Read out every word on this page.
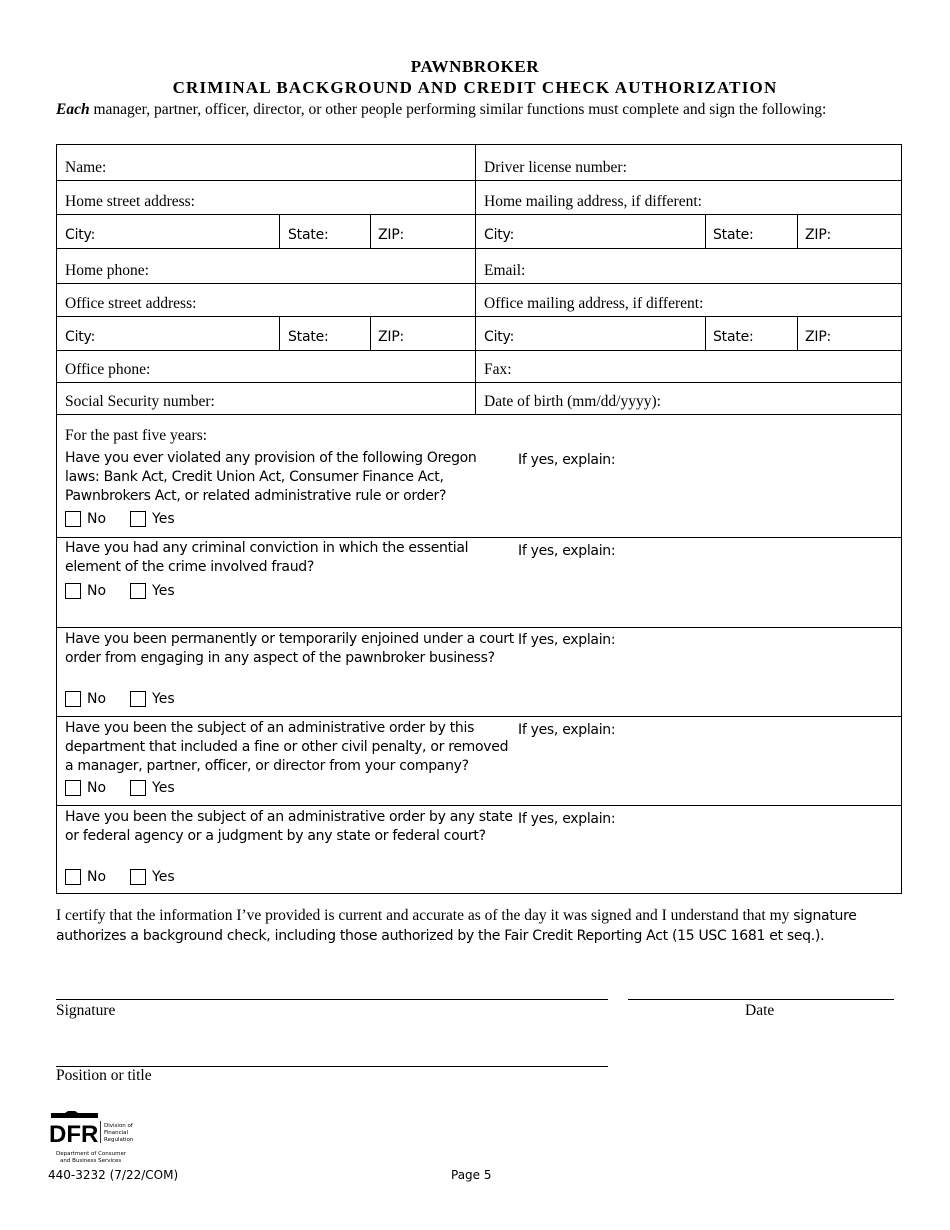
PAWNBROKER
CRIMINAL BACKGROUND AND CREDIT CHECK AUTHORIZATION
Each manager, partner, officer, director, or other people performing similar functions must complete and sign the following:
Name:	Driver license number:
Home street address:	Home mailing address, if different:
City:	State:	ZIP:	City:	State:	ZIP:
Home phone:	Email:
Office street address:	Office mailing address, if different:
City:	State:	ZIP:	City:	State:	ZIP:
Office phone:	Fax:
Social Security number:	Date of birth (mm/dd/yyyy):
For the past five years:
Have you ever violated any provision of the following Oregon laws: Bank Act, Credit Union Act, Consumer Finance Act, Pawnbrokers Act, or related administrative rule or order?
If yes, explain:
No	Yes
Have you had any criminal conviction in which the essential element of the crime involved fraud?
If yes, explain:
No	Yes
Have you been permanently or temporarily enjoined under a court order from engaging in any aspect of the pawnbroker business?
If yes, explain:
No	Yes
Have you been the subject of an administrative order by this department that included a fine or other civil penalty, or removed a manager, partner, officer, or director from your company?
If yes, explain:
No	Yes
Have you been the subject of an administrative order by any state or federal agency or a judgment by any state or federal court?
If yes, explain:
No	Yes
I certify that the information I’ve provided is current and accurate as of the day it was signed and I understand that my signature authorizes a background check, including those authorized by the Fair Credit Reporting Act (15 USC 1681 et seq.).
Signature	Date
Position or title
DFR Division of
Financial
Regulation
Department of Consumer
and Business Services
440-3232 (7/22/COM)	Page 5
